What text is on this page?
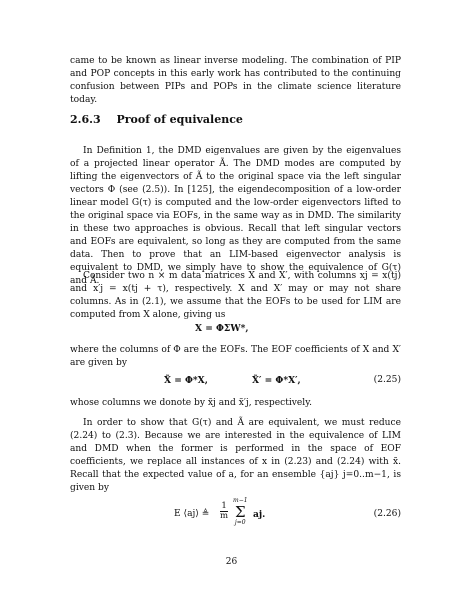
came to be known as linear inverse modeling. The combination of PIP and POP concepts in this early work has contributed to the continuing confusion between PIPs and POPs in the climate science literature today.

2.6.3 Proof of equivalence

In Definition 1, the DMD eigenvalues are given by the eigenvalues of a projected linear operator Ã. The DMD modes are computed by lifting the eigenvectors of Ã to the original space via the left singular vectors Φ (see (2.5)). In [125], the eigendecomposition of a low-order linear model G(τ) is computed and the low-order eigenvectors lifted to the original space via EOFs, in the same way as in DMD. The similarity in these two approaches is obvious. Recall that left singular vectors and EOFs are equivalent, so long as they are computed from the same data. Then to prove that an LIM-based eigenvector analysis is equivalent to DMD, we simply have to show the equivalence of G(τ) and Ã.

Consider two n × m data matrices X and X′, with columns xj = x(tj) and x′j = x(tj + τ), respectively. X and X′ may or may not share columns. As in (2.1), we assume that the EOFs to be used for LIM are computed from X alone, giving us

X = ΦΣW*,

where the columns of Φ are the EOFs. The EOF coefficients of X and X′ are given by

X̃ = Φ*X,	X̃′ = Φ*X′,	(2.25)

whose columns we donote by x̃j and x̃′j, respectively.

In order to show that G(τ) and Ã are equivalent, we must reduce (2.24) to (2.3). Because we are interested in the equivalence of LIM and DMD when the former is performed in the space of EOF coefficients, we replace all instances of x in (2.23) and (2.24) with x̃. Recall that the expected value of a, for an ensemble {aj} j=0..m−1, is given by

E ⟨aj⟩ ≜ $\frac{1}{m}$
m−1
Σ
j=0
aj.	(2.26)
26
